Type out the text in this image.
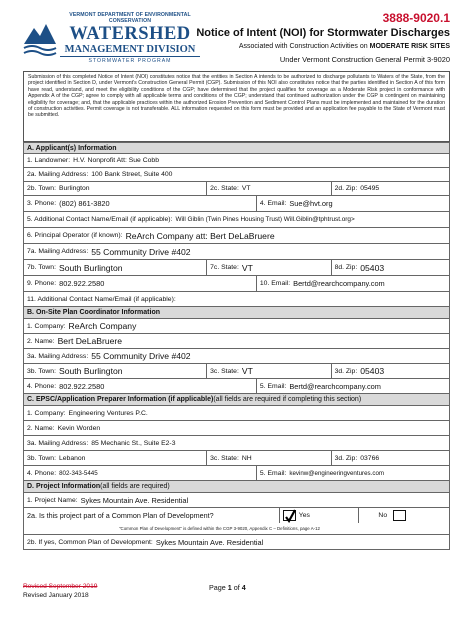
VERMONT DEPARTMENT OF ENVIRONMENTAL CONSERVATION
WATERSHED
MANAGEMENT DIVISION
STORMWATER PROGRAM
3888-9020.1
Notice of Intent (NOI) for Stormwater Discharges
Associated with Construction Activities on MODERATE RISK SITES
Under Vermont Construction General Permit 3-9020
Submission of this completed Notice of Intent (NOI) constitutes notice that the entities in Section A intends to be authorized to discharge pollutants to Waters of the State, from the project identified in Section D, under Vermont's Construction General Permit (CGP). Submission of this NOI also constitutes notice that the parties identified in Section A of this form have read, understand, and meet the eligibility conditions of the CGP; have determined that the project qualifies for coverage as a Moderate Risk project in conformance with Appendix A of the CGP; agree to comply with all applicable terms and conditions of the CGP; understand that continued authorization under the CGP is contingent on maintaining eligibility for coverage; and, that the applicable practices within the authorized Erosion Prevention and Sediment Control Plans must be implemented and maintained for the duration of construction activities. Permit coverage is not transferable. ALL information requested on this form must be provided and an application fee payable to the State of Vermont must be submitted.
A. Applicant(s) Information
1. Landowner: H.V. Nonprofit Att: Sue Cobb
2a. Mailing Address: 100 Bank Street, Suite 400
2b. Town: Burlington	2c. State: VT	2d. Zip: 05495
3. Phone: (802) 861-3820	4. Email: Sue@hvt.org
5. Additional Contact Name/Email (if applicable): Will Giblin (Twin Pines Housing Trust) Will.Giblin@tphtrust.org>
6. Principal Operator (if known): ReArch Company att: Bert DeLaBruere
7a. Mailing Address: 55 Community Drive #402
7b. Town: South Burlington	7c. State: VT	8d. Zip: 05403
9. Phone: 802.922.2580	10. Email: Bertd@rearchcompany.com
11. Additional Contact Name/Email (if applicable):
B. On-Site Plan Coordinator Information
1. Company: ReArch Company
2. Name: Bert DeLaBruere
3a. Mailing Address: 55 Community Drive #402
3b. Town: South Burlington	3c. State: VT	3d. Zip: 05403
4. Phone: 802.922.2580	5. Email: Bertd@rearchcompany.com
C. EPSC/Application Preparer Information (if applicable) (all fields are required if completing this section)
1. Company: Engineering Ventures P.C.
2. Name: Kevin Worden
3a. Mailing Address: 85 Mechanic St., Suite E2-3
3b. Town: Lebanon	3c. State: NH	3d. Zip: 03766
4. Phone: 802-343-5445	5. Email: kevinw@engineeringventures.com
D. Project Information (all fields are required)
1. Project Name: Sykes Mountain Ave. Residential
2a. Is this project part of a Common Plan of Development?	Yes	No
2b. If yes, Common Plan of Development: Sykes Mountain Ave. Residential
"Common Plan of Development" is defined within the CGP 3-9020, Appendix C – Definitions, page A-12
Revised September 2019
Revised January 2018
Page 1 of 4
